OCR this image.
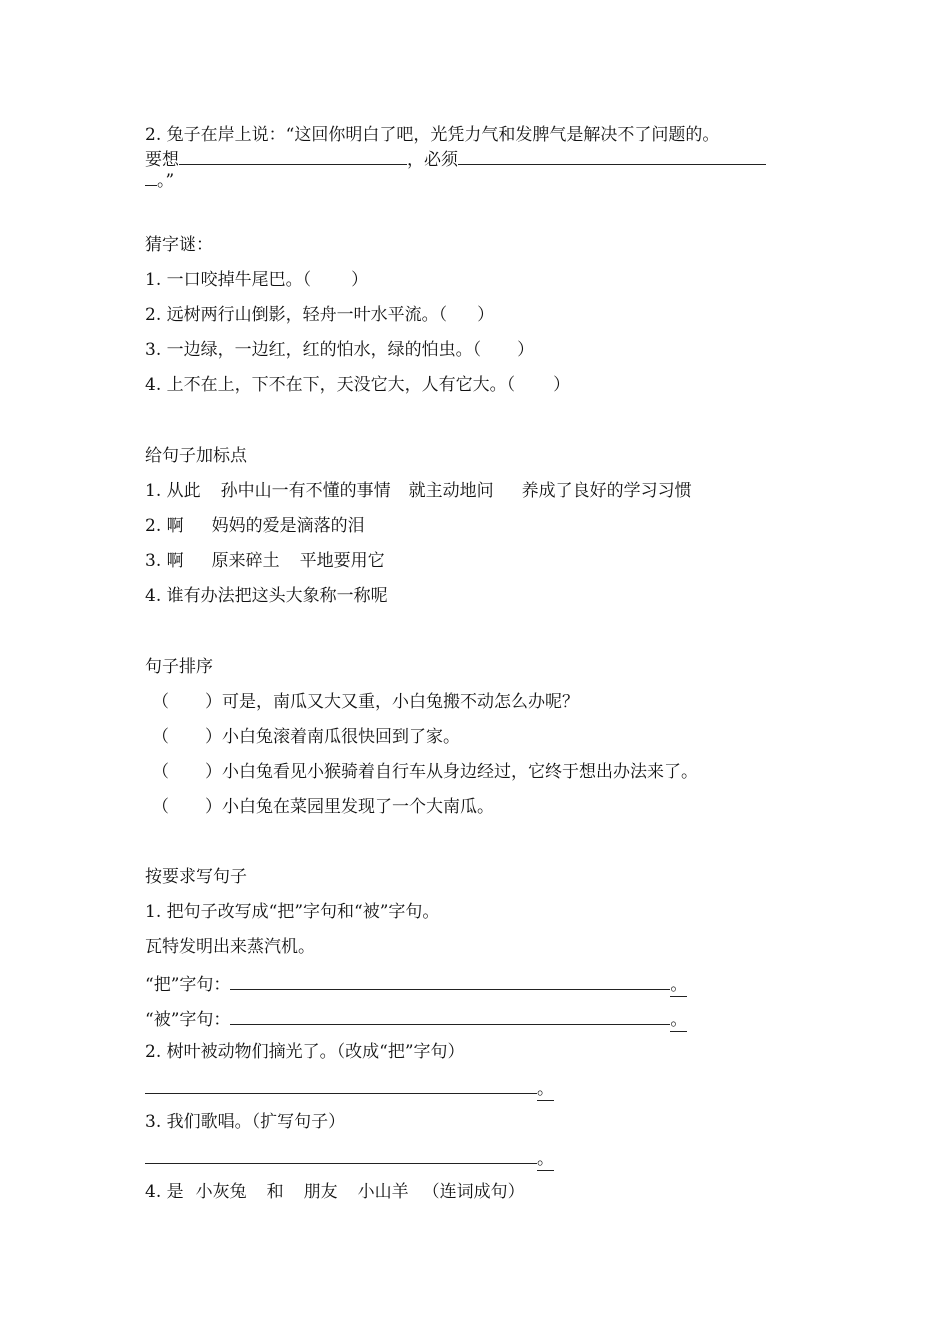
2. 兔子在岸上说：“这回你明白了吧，光凭力气和发脾气是解决不了问题的。
要想	，必须
。”
猜字谜：
1. 一口咬掉牛尾巴。（ ）
2. 远树两行山倒影，轻舟一叶水平流。（ ）
3. 一边绿，一边红，红的怕水，绿的怕虫。（ ）
4. 上不在上，下不在下，天没它大，人有它大。（ ）
给句子加标点
1. 从此 孙中山一有不懂的事情 就主动地问 养成了良好的学习习惯
2. 啊 妈妈的爱是滴落的泪
3. 啊 原来碎土 平地要用它
4. 谁有办法把这头大象称一称呢
句子排序
（ ）可是，南瓜又大又重，小白兔搬不动怎么办呢？
（ ）小白兔滚着南瓜很快回到了家。
（ ）小白兔看见小猴骑着自行车从身边经过，它终于想出办法来了。
（ ）小白兔在菜园里发现了一个大南瓜。
按要求写句子
1. 把句子改写成“把”字句和“被”字句。
瓦特发明出来蒸汽机。
“把”字句：	。
“被”字句：	。
2. 树叶被动物们摘光了。（改成“把”字句）
。
3. 我们歌唱。（扩写句子）
。
4. 是 小灰兔 和 朋友 小山羊 （连词成句）
